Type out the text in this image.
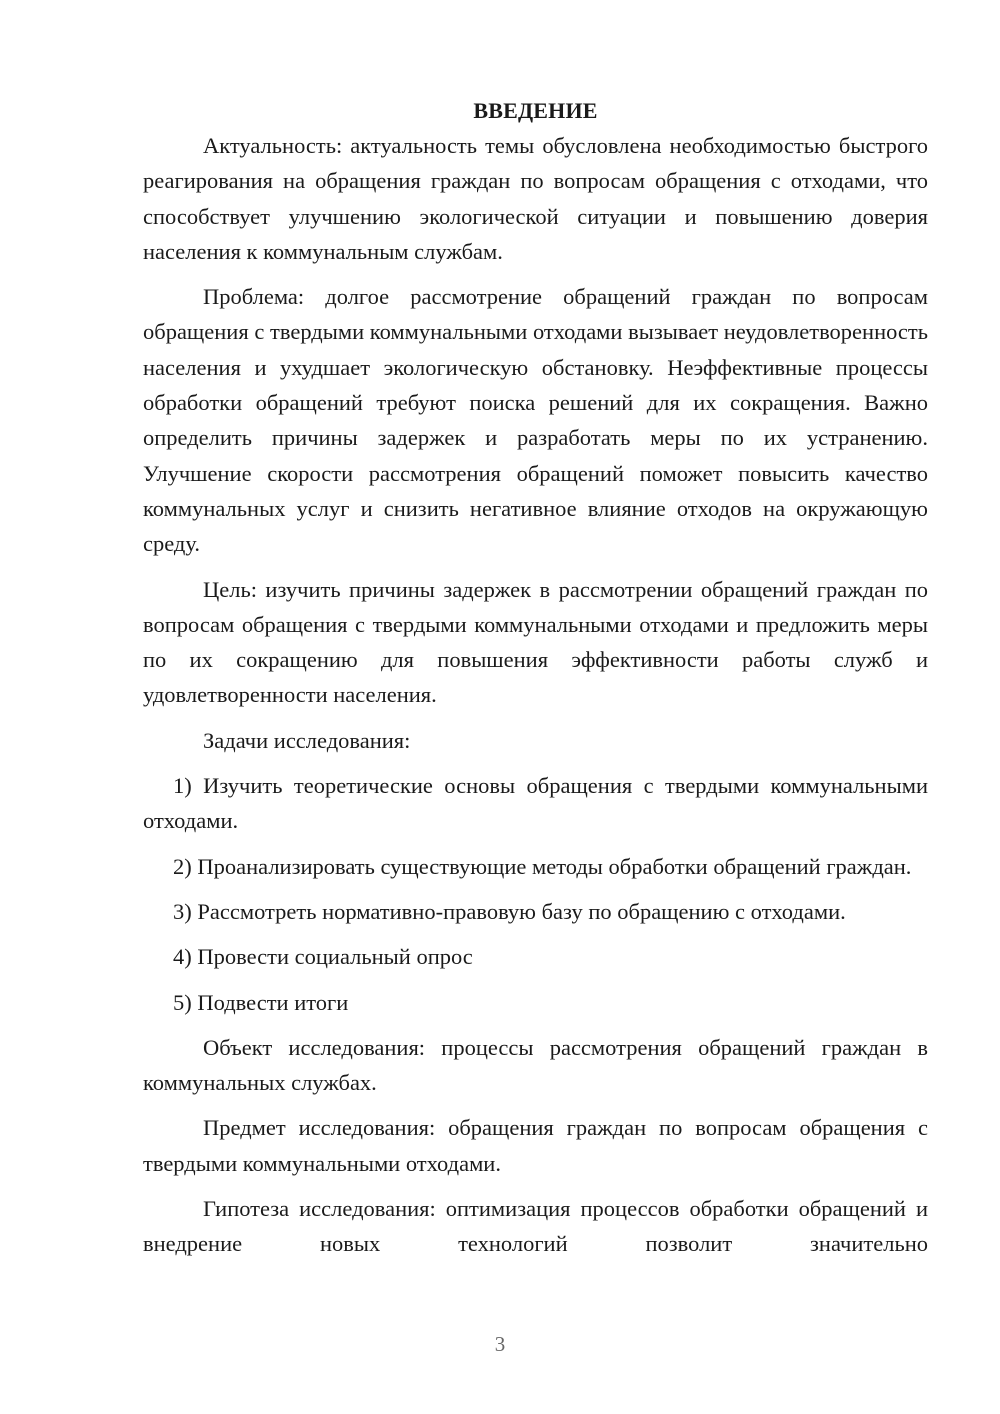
ВВЕДЕНИЕ

Актуальность: актуальность темы обусловлена необходимостью быстрого реагирования на обращения граждан по вопросам обращения с отходами, что способствует улучшению экологической ситуации и повышению доверия населения к коммунальным службам.

Проблема: долгое рассмотрение обращений граждан по вопросам обращения с твердыми коммунальными отходами вызывает неудовлетворенность населения и ухудшает экологическую обстановку. Неэффективные процессы обработки обращений требуют поиска решений для их сокращения. Важно определить причины задержек и разработать меры по их устранению. Улучшение скорости рассмотрения обращений поможет повысить качество коммунальных услуг и снизить негативное влияние отходов на окружающую среду.

Цель: изучить причины задержек в рассмотрении обращений граждан по вопросам обращения с твердыми коммунальными отходами и предложить меры по их сокращению для повышения эффективности работы служб и удовлетворенности населения.

Задачи исследования:

1) Изучить теоретические основы обращения с твердыми коммунальными отходами.

2) Проанализировать существующие методы обработки обращений граждан.

3) Рассмотреть нормативно-правовую базу по обращению с отходами.

4) Провести социальный опрос

5) Подвести итоги

Объект исследования: процессы рассмотрения обращений граждан в коммунальных службах.

Предмет исследования: обращения граждан по вопросам обращения с твердыми коммунальными отходами.

Гипотеза исследования: оптимизация процессов обработки обращений и внедрение новых технологий позволит значительно

3
